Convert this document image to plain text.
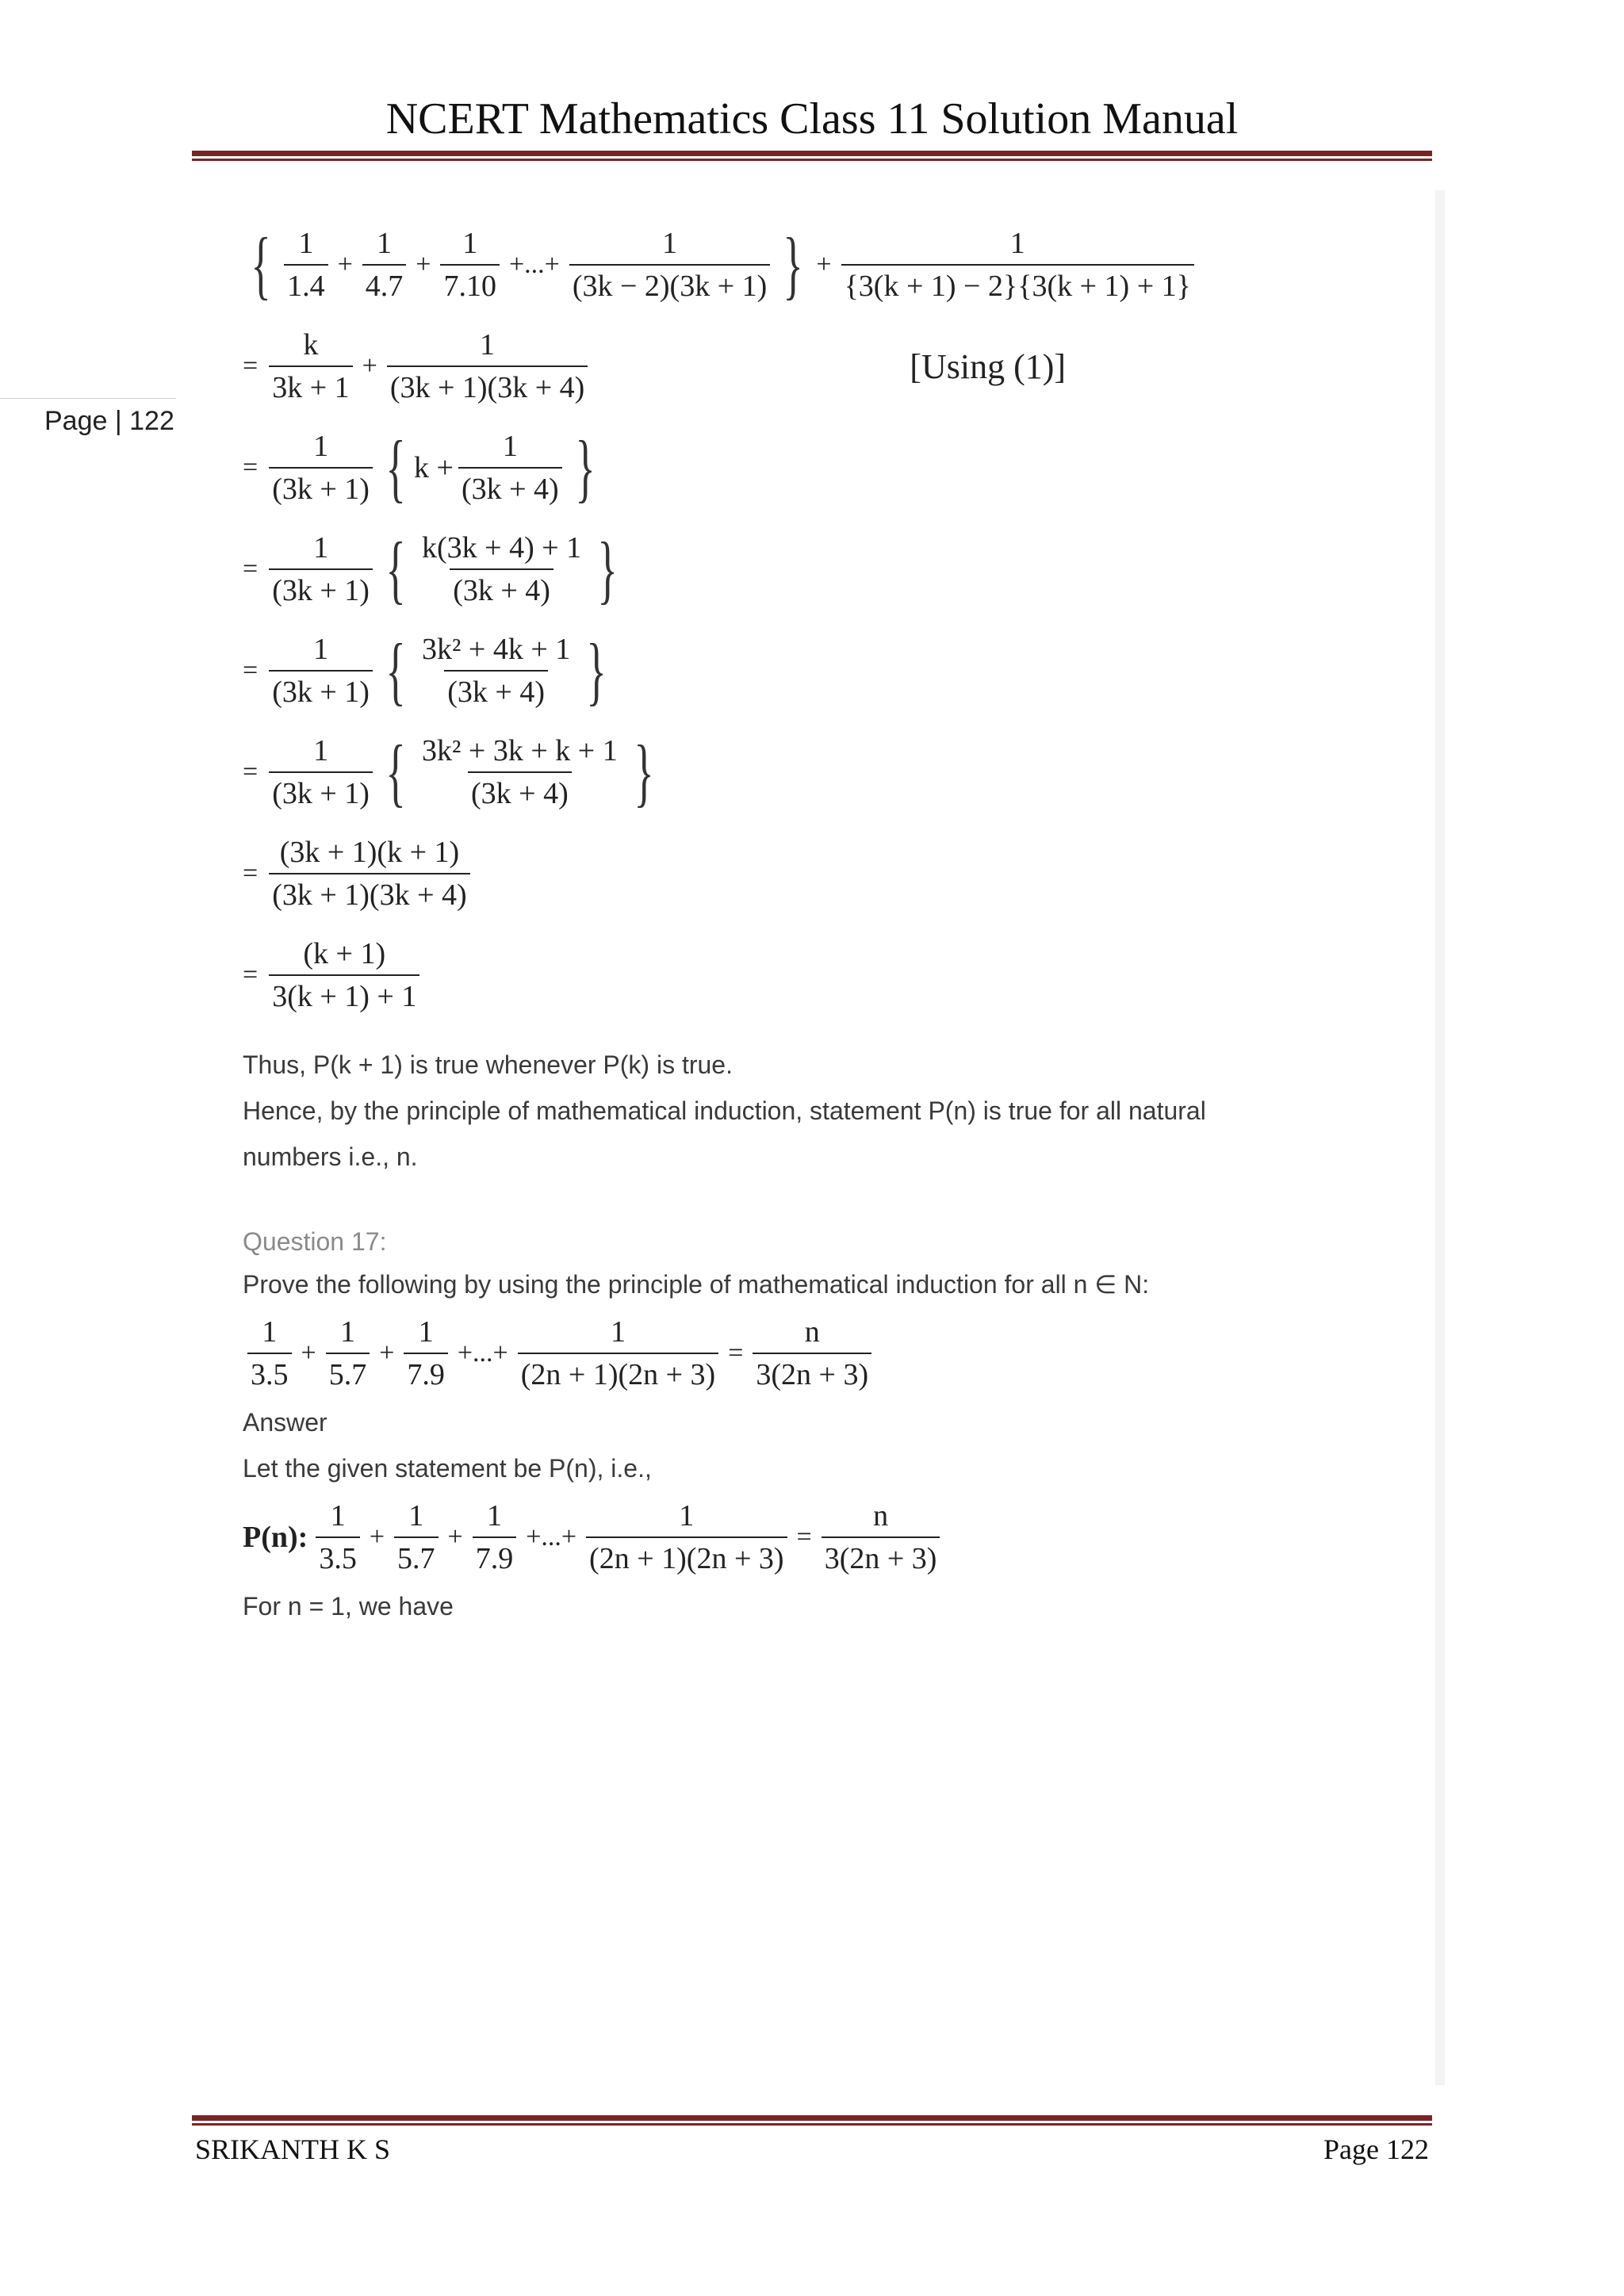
NCERT Mathematics Class 11 Solution Manual
Page | 122
{ $\frac{1}{1.4} + \frac{1}{4.7} + \frac{1}{7.10}$ +...+ $\frac{1}{(3k - 2)(3k + 1)}$ } + $\frac{1}{\{3(k + 1) - 2\}\{3(k + 1) + 1\}}$
= $\frac{k}{3k + 1} + \frac{1}{(3k + 1)(3k + 4)}$	[Using (1)]
= $\frac{1}{(3k + 1)}$ { $k + \frac{1}{(3k + 4)}$ }
= $\frac{1}{(3k + 1)}$ { $\frac{k(3k + 4) + 1}{(3k + 4)}$ }
= $\frac{1}{(3k + 1)}$ { $\frac{\text{3k² + 4k + 1}}{(3k + 4)}$ }
= $\frac{1}{(3k + 1)}$ { $\frac{\text{3k² + 3k + k + 1}}{(3k + 4)}$ }
= $\frac{(3k + 1)(k + 1)}{(3k + 1)(3k + 4)}$
= $\frac{(k + 1)}{3(k + 1) + 1}$
Thus, P(k + 1) is true whenever P(k) is true.
Hence, by the principle of mathematical induction, statement P(n) is true for all natural
numbers i.e., n.
Question 17:
Prove the following by using the principle of mathematical induction for all n ∈ N:
$\frac{1}{3.5} + \frac{1}{5.7} + \frac{1}{7.9}$ +...+ $\frac{1}{(2n + 1)(2n + 3)} = \frac{n}{3(2n + 3)}$
Answer
Let the given statement be P(n), i.e.,
P(n): $\frac{1}{3.5} + \frac{1}{5.7} + \frac{1}{7.9}$ +...+ $\frac{1}{(2n + 1)(2n + 3)} = \frac{n}{3(2n + 3)}$
For n = 1, we have
SRIKANTH K S	Page 122
